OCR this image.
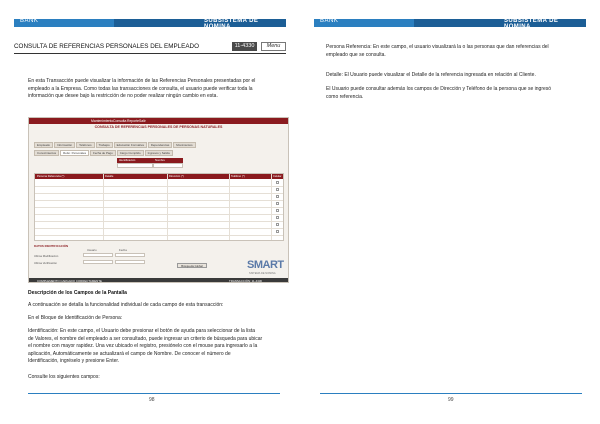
BANK	SUBSISTEMA DE NOMINA
CONSULTA DE REFERENCIAS PERSONALES DEL EMPLEADO	11-4330	Menu
En esta Transacción puede visualizar la información de las Referencias Personales presentadas por el
empleado a la Empresa. Como todas las transacciones de consulta, el usuario puede verificar toda la
información que desee bajo la restricción de no poder realizar ningún cambio en esta.
Mantenimiento Consulta Reporte Salir
CONSULTA DE REFERENCIAS PERSONALES DE PERSONAS NATURALES
Empleado	Información	Teléfonos	Trabajos	Educación Formativa	Dependencias	Movimientos
Conocimientos	Refer. Personales	Fecha de Pago	Cargo Cumplido	Ingresos y Salida
Identificación	Nombre
Persona Referencia (*)	Detalle	Dirección (*)	Teléfono (*)	Celular
DATOS IDENTIFICACIÓN
Usuario	Fecha
Ultima Modificación
Ultima Verificación
Búsqueda Global	SMART
SISTEMA DE NOMINA
COMPLEMENTO CARGADO CORRECTAMENTE	TRANSACCIÓN: 11-4330
Descripción de los Campos de la Pantalla
A continuación se detalla la funcionalidad individual de cada campo de esta transacción:
En el Bloque de Identificación de Persona:
Identificación: En este campo, el Usuario debe presionar el botón de ayuda para seleccionar de la lista
de Valores, el nombre del empleado a ser consultado, puede ingresar un criterio de búsqueda para ubicar
el nombre con mayor rapidez. Una vez ubicado el registro, presiónelo con el mouse para ingresarlo a la
aplicación, Automáticamente se actualizará el campo de Nombre. De conocer el número de
Identificación, ingréselo y presione Enter.
Consulte los siguientes campos:
98
BANK	SUBSISTEMA DE NOMINA
Persona Referencia: En este campo, el usuario visualizará la o las personas que dan referencias del
empleado que se consulta.
Detalle: El Usuario puede visualizar el Detalle de la referencia ingresada en relación al Cliente.
El Usuario puede consultar además los campos de Dirección y Teléfono de la persona que se ingresó
como referencia.
99
